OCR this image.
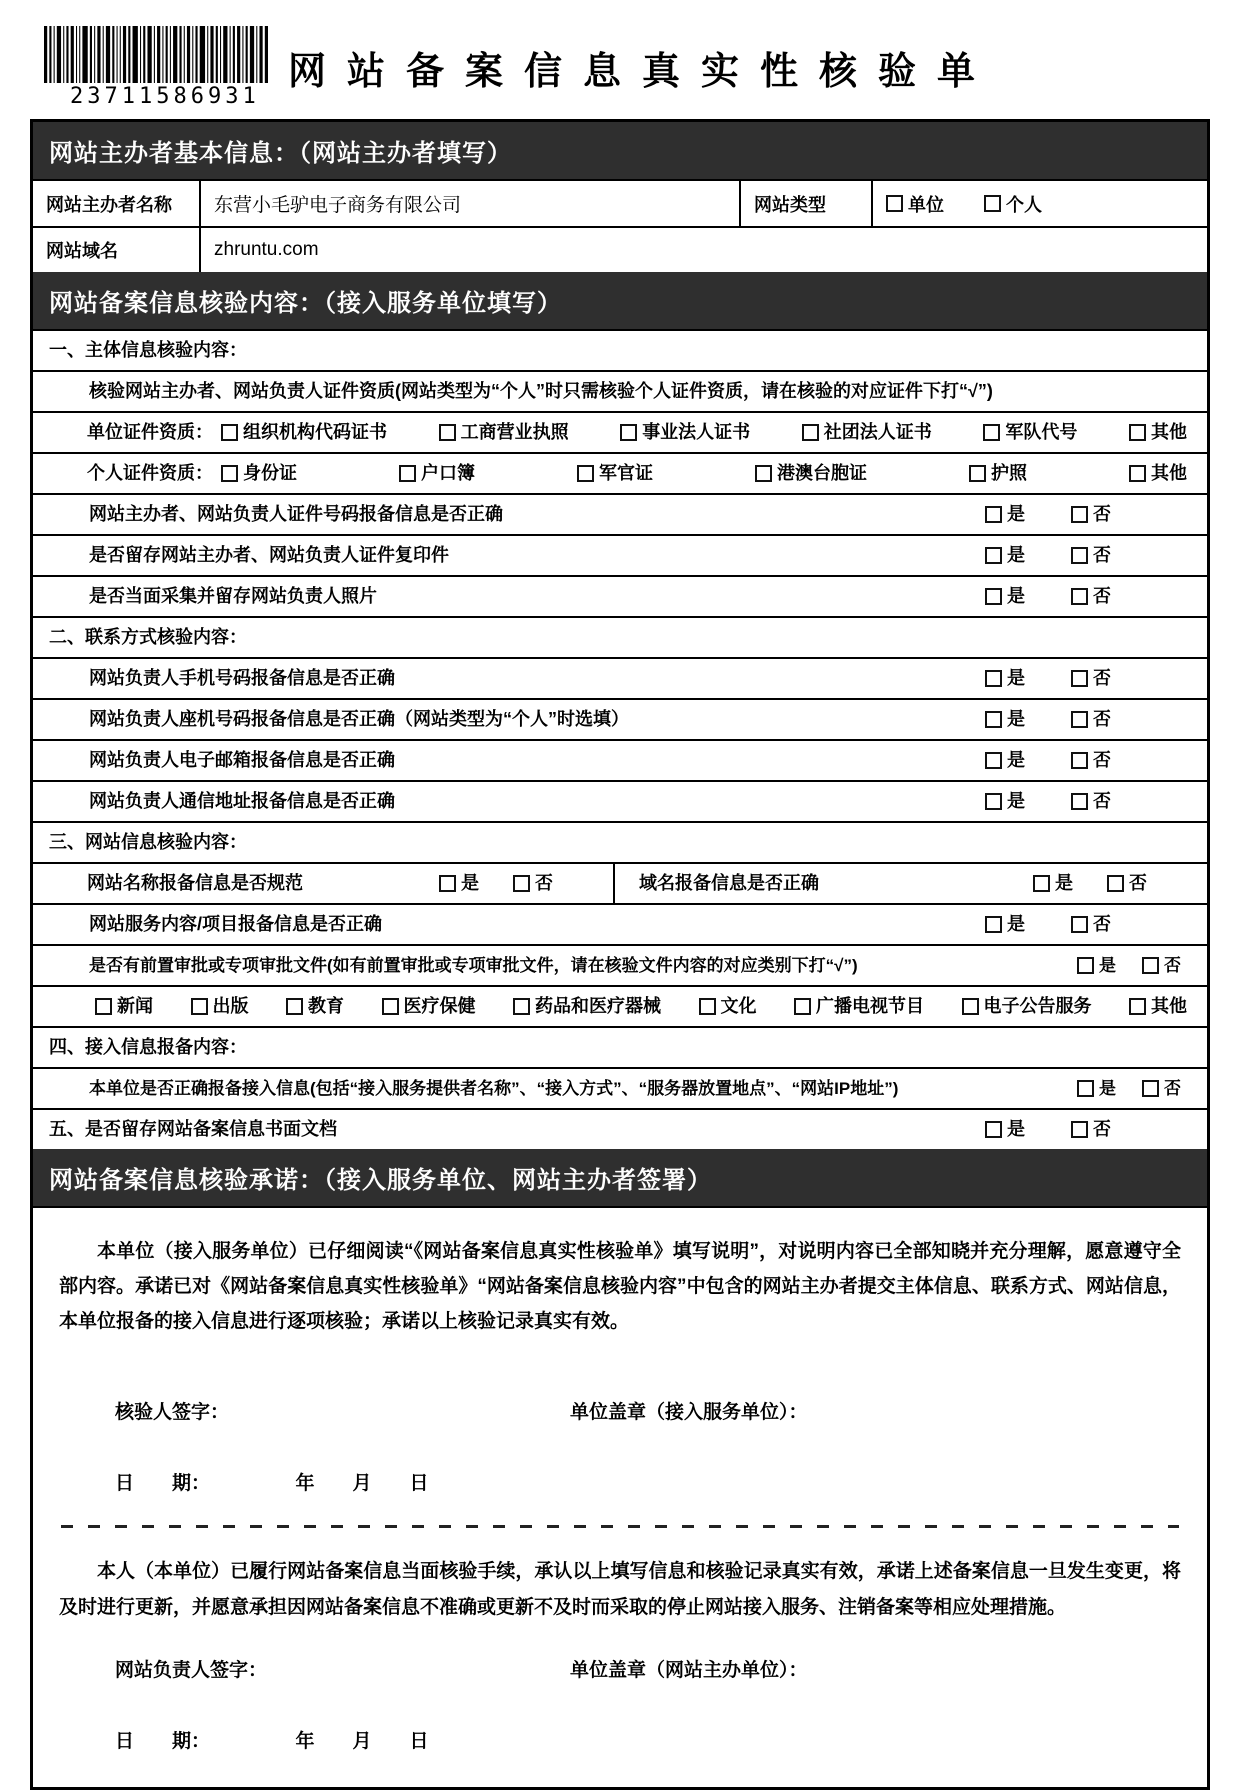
23711586931
网站备案信息真实性核验单
网站主办者基本信息：（网站主办者填写）
网站主办者名称	东营小毛驴电子商务有限公司	网站类型	单位	个人
网站域名	zhruntu.com
网站备案信息核验内容：（接入服务单位填写）
一、主体信息核验内容：
核验网站主办者、网站负责人证件资质(网站类型为“个人”时只需核验个人证件资质，请在核验的对应证件下打“√”)
单位证件资质： 组织机构代码证书	工商营业执照	事业法人证书	社团法人证书	军队代号	其他
个人证件资质： 身份证	户口簿	军官证	港澳台胞证	护照	其他
网站主办者、网站负责人证件号码报备信息是否正确	是	否
是否留存网站主办者、网站负责人证件复印件	是	否
是否当面采集并留存网站负责人照片	是	否
二、联系方式核验内容：
网站负责人手机号码报备信息是否正确	是	否
网站负责人座机号码报备信息是否正确（网站类型为“个人”时选填）	是	否
网站负责人电子邮箱报备信息是否正确	是	否
网站负责人通信地址报备信息是否正确	是	否
三、网站信息核验内容：
网站名称报备信息是否规范	是	否	域名报备信息是否正确	是	否
网站服务内容/项目报备信息是否正确	是	否
是否有前置审批或专项审批文件(如有前置审批或专项审批文件，请在核验文件内容的对应类别下打“√”)	是	否
新闻	出版	教育	医疗保健	药品和医疗器械	文化	广播电视节目	电子公告服务	其他
四、接入信息报备内容：
本单位是否正确报备接入信息(包括“接入服务提供者名称”、“接入方式”、“服务器放置地点”、“网站IP地址”)	是	否
五、是否留存网站备案信息书面文档	是	否
网站备案信息核验承诺：（接入服务单位、网站主办者签署）

本单位（接入服务单位）已仔细阅读“《网站备案信息真实性核验单》填写说明”，对说明内容已全部知晓并充分理解，愿意遵守全部内容。承诺已对《网站备案信息真实性核验单》“网站备案信息核验内容”中包含的网站主办者提交主体信息、联系方式、网站信息，本单位报备的接入信息进行逐项核验；承诺以上核验记录真实有效。

核验人签字：	单位盖章（接入服务单位）：
日　　期：　　　　　年　　月　　日

本人（本单位）已履行网站备案信息当面核验手续，承认以上填写信息和核验记录真实有效，承诺上述备案信息一旦发生变更，将及时进行更新，并愿意承担因网站备案信息不准确或更新不及时而采取的停止网站接入服务、注销备案等相应处理措施。

网站负责人签字：	单位盖章（网站主办单位）：
日　　期：　　　　　年　　月　　日
